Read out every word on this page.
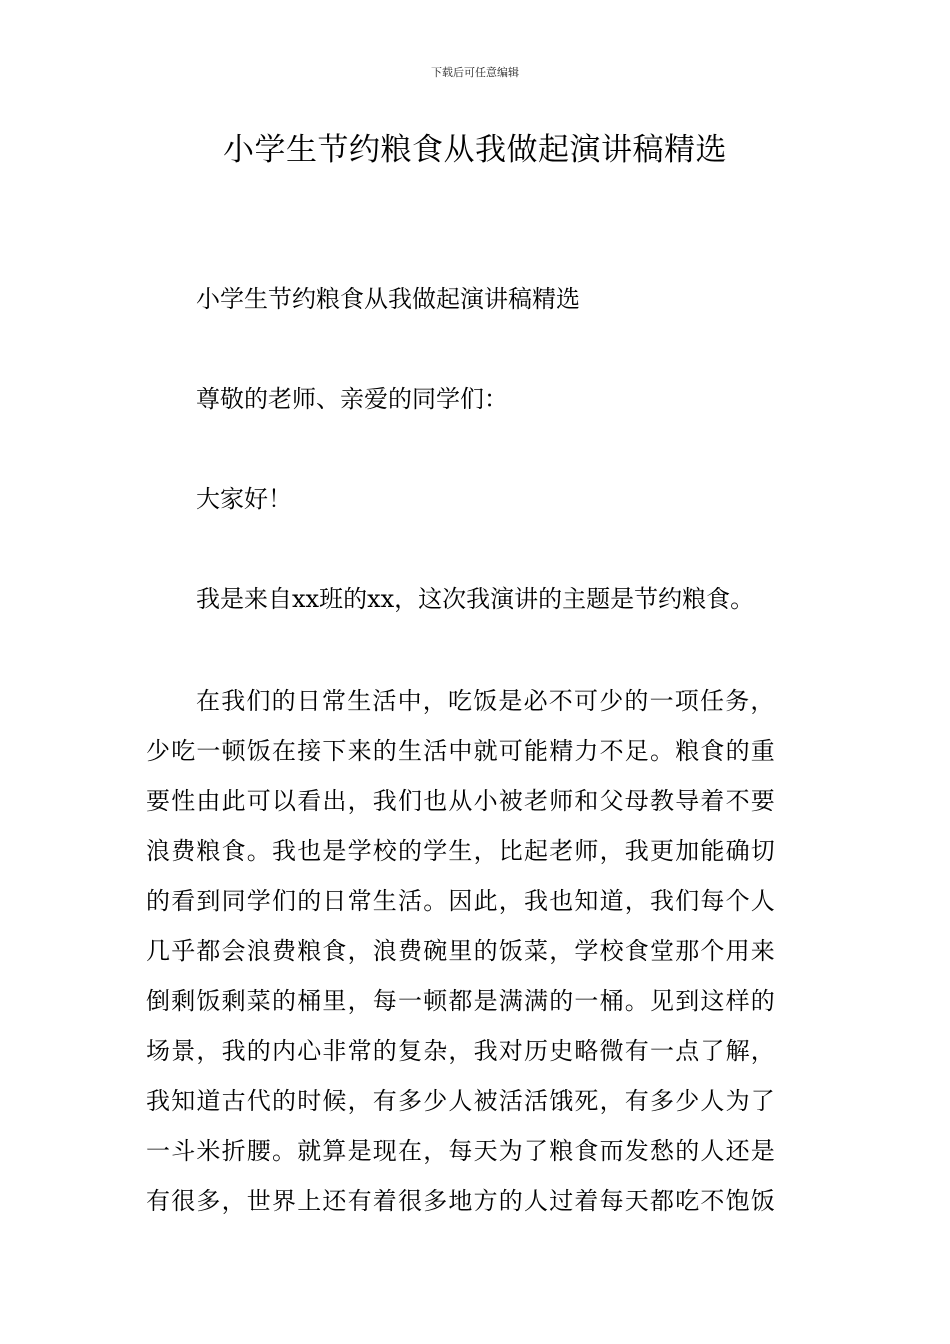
下载后可任意编辑
小学生节约粮食从我做起演讲稿精选

小学生节约粮食从我做起演讲稿精选

尊敬的老师、亲爱的同学们：

大家好！

我是来自xx班的xx，这次我演讲的主题是节约粮食。

在我们的日常生活中，吃饭是必不可少的一项任务，
少吃一顿饭在接下来的生活中就可能精力不足。粮食的重
要性由此可以看出，我们也从小被老师和父母教导着不要
浪费粮食。我也是学校的学生，比起老师，我更加能确切
的看到同学们的日常生活。因此，我也知道，我们每个人
几乎都会浪费粮食，浪费碗里的饭菜，学校食堂那个用来
倒剩饭剩菜的桶里，每一顿都是满满的一桶。见到这样的
场景，我的内心非常的复杂，我对历史略微有一点了解，
我知道古代的时候，有多少人被活活饿死，有多少人为了
一斗米折腰。就算是现在，每天为了粮食而发愁的人还是
有很多，世界上还有着很多地方的人过着每天都吃不饱饭
